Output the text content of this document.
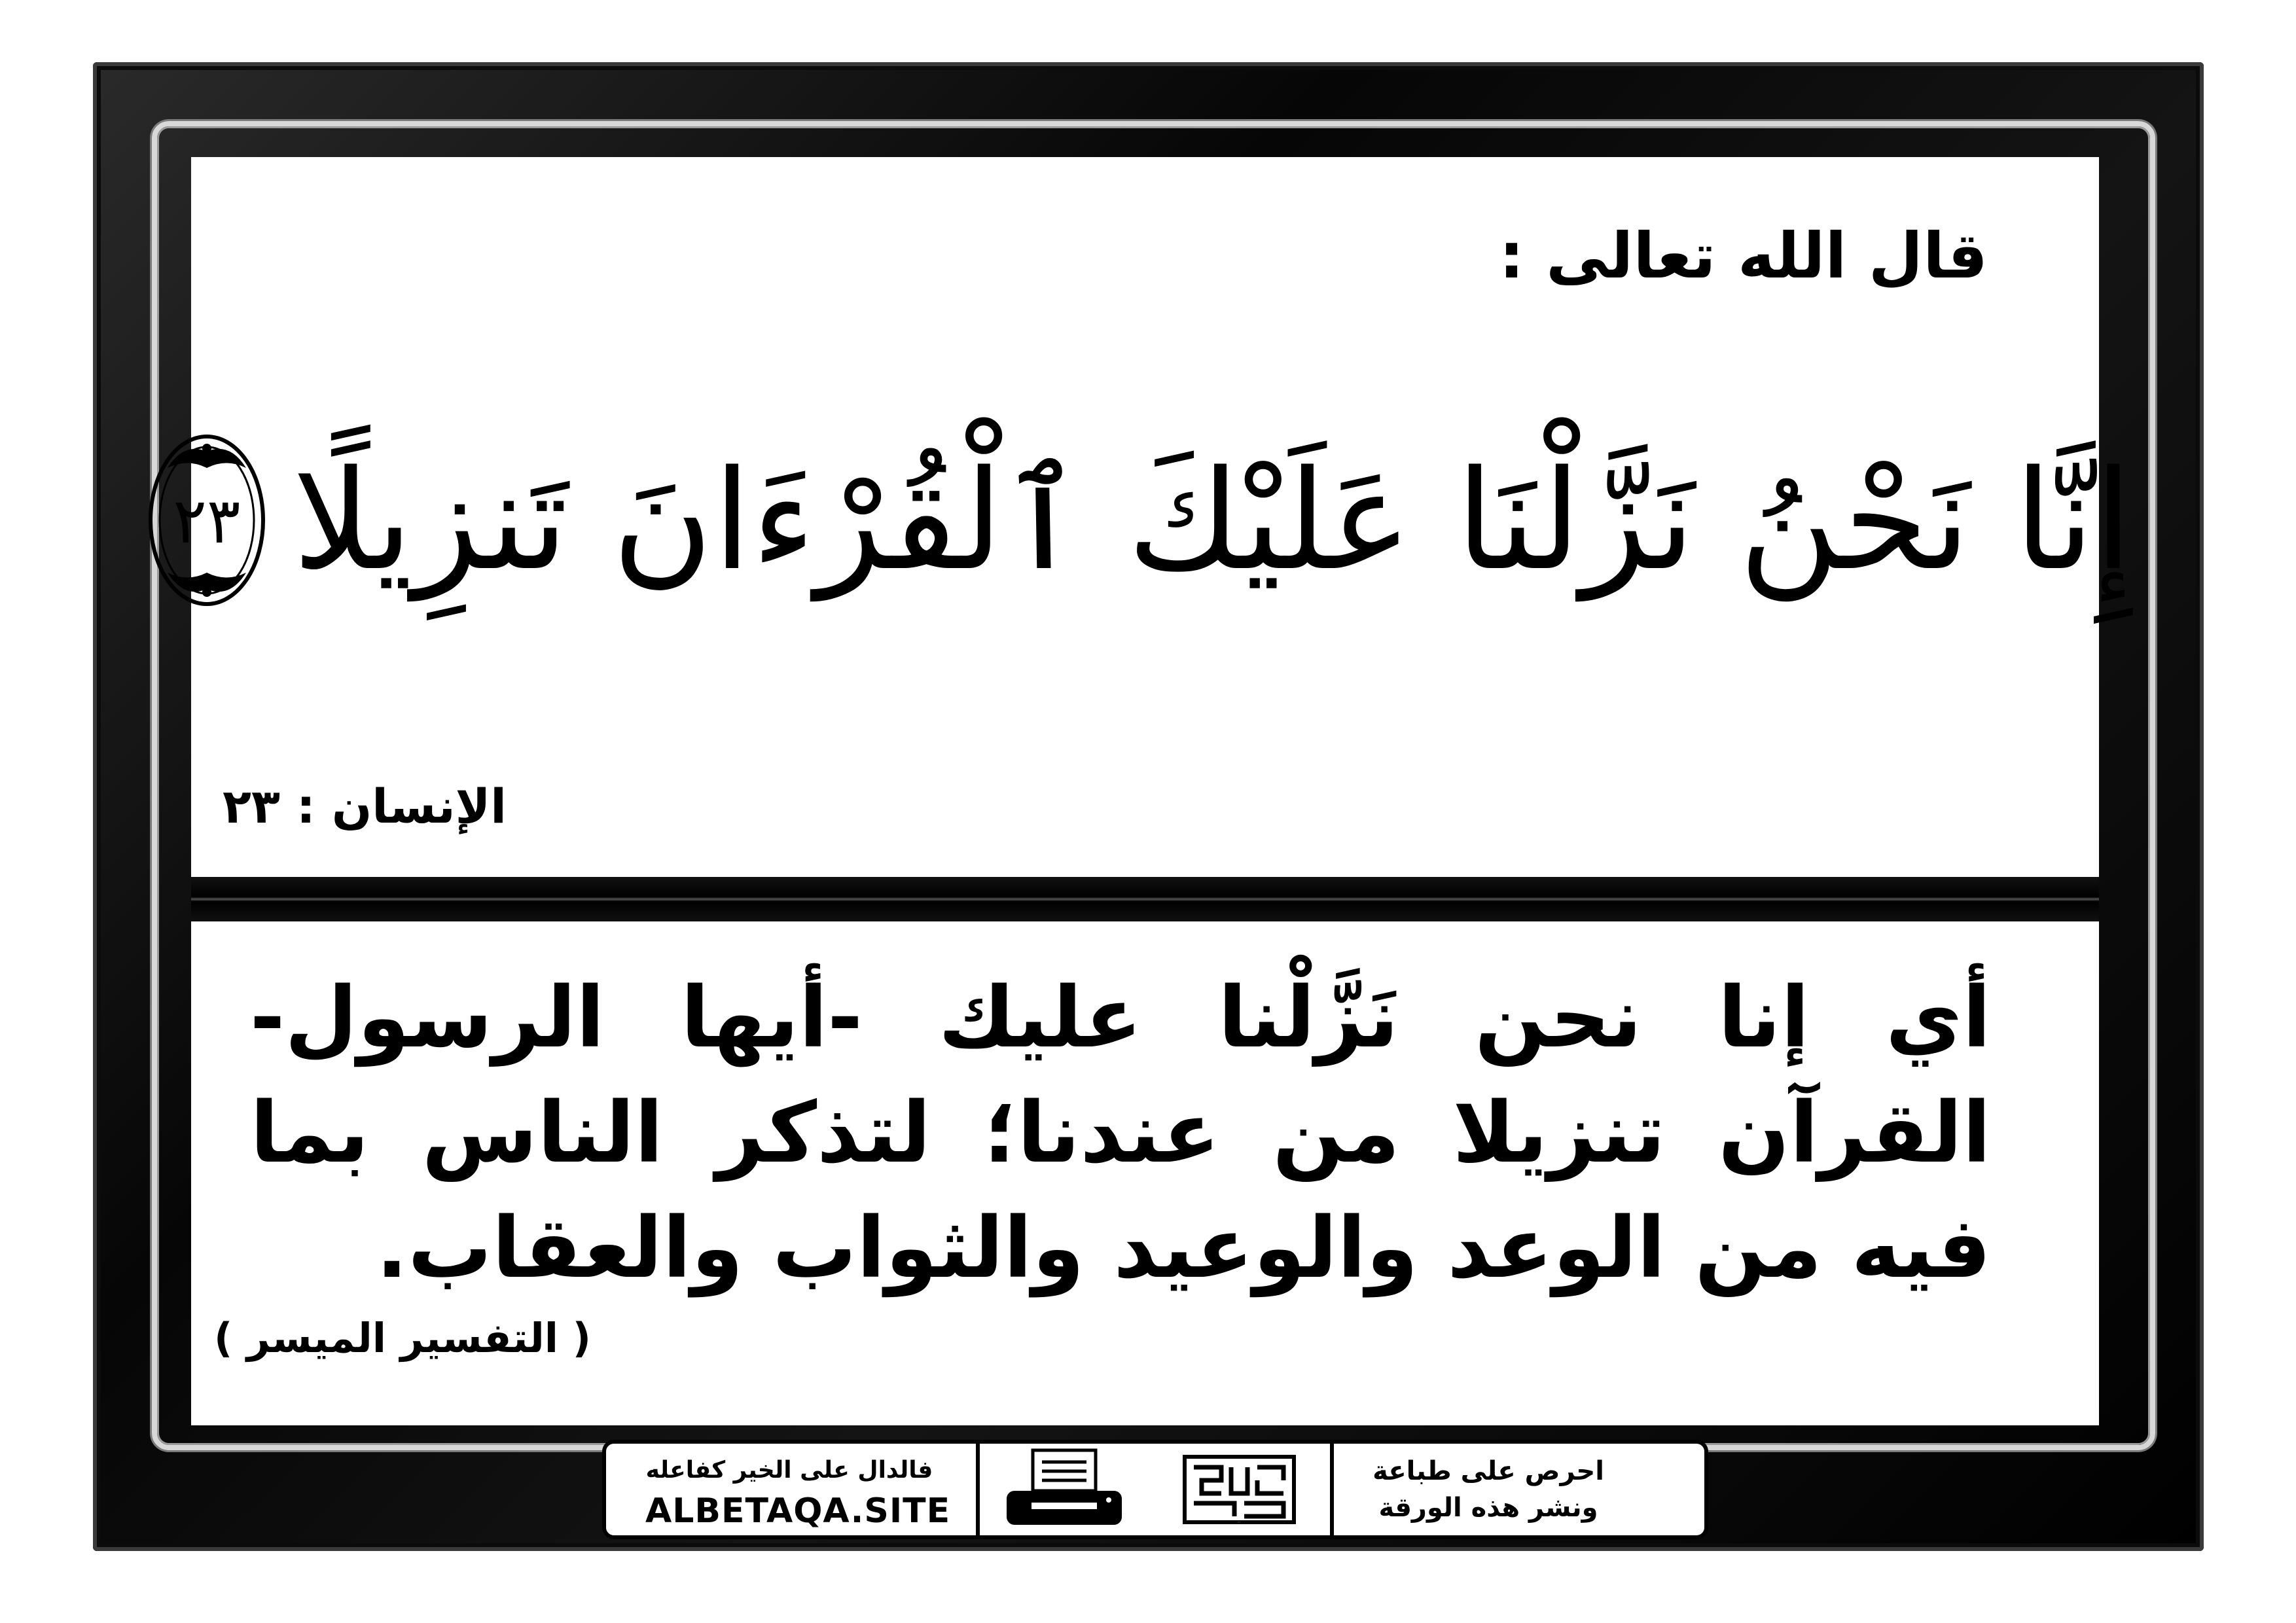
قال الله تعالى :
إِنَّا نَحْنُ نَزَّلْنَا عَلَيْكَ ٱلْقُرْءَانَ تَنزِيلًا
٢٣
الإنسان : ٢٣
أي إنا نحن نَزَّلْنا عليك -أيها الرسول- القرآن تنزيلا من عندنا؛ لتذكر الناس بما فيه من الوعد والوعيد والثواب والعقاب.
( التفسير الميسر )
احرص على طباعة
ونشر هذه الورقة
دعوتة الورقة
فالدال على الخير كفاعله
ALBETAQA.SITE
